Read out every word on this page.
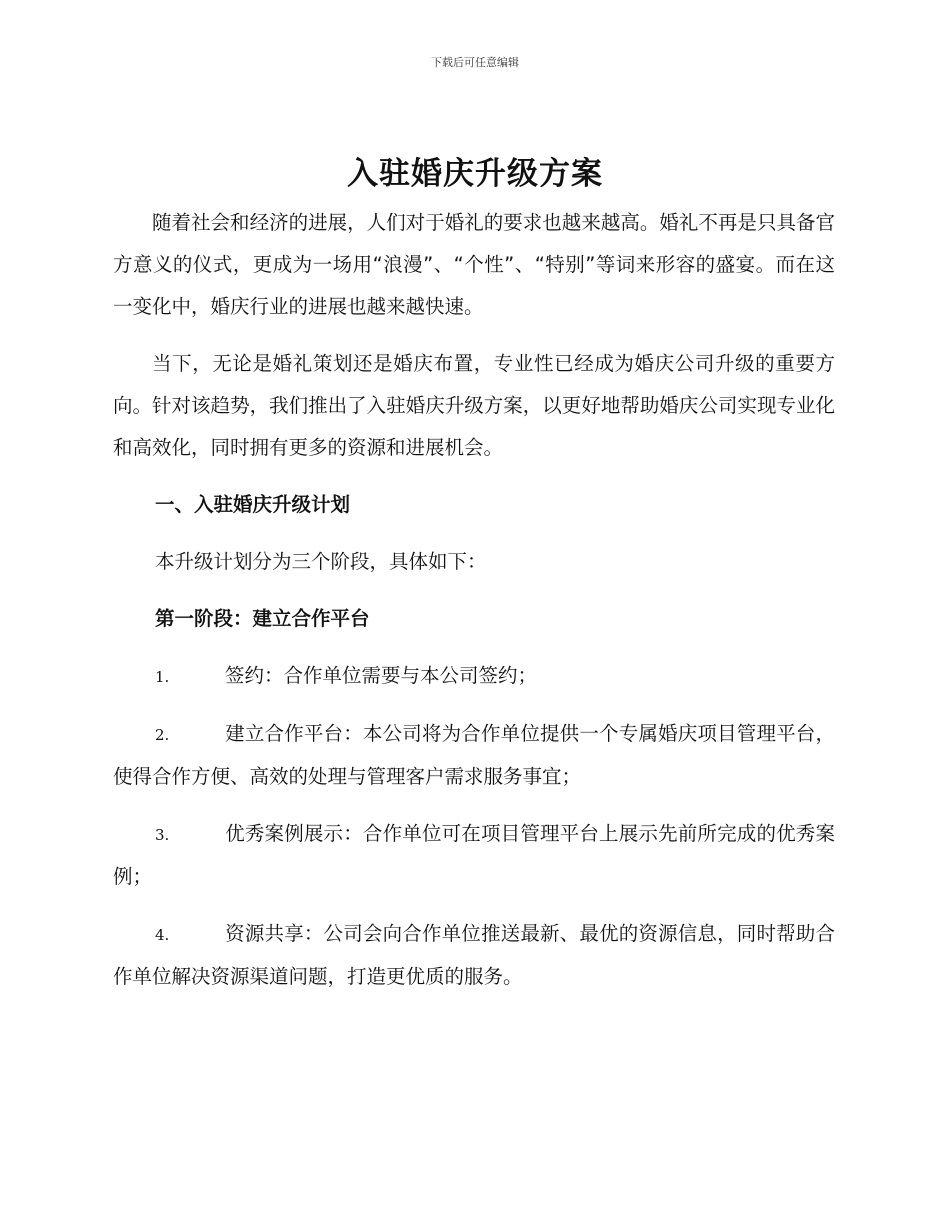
下载后可任意编辑
入驻婚庆升级方案

随着社会和经济的进展，人们对于婚礼的要求也越来越高。婚礼不再是只具备官方意义的仪式，更成为一场用“浪漫”、“个性”、“特别”等词来形容的盛宴。而在这一变化中，婚庆行业的进展也越来越快速。

当下，无论是婚礼策划还是婚庆布置，专业性已经成为婚庆公司升级的重要方向。针对该趋势，我们推出了入驻婚庆升级方案，以更好地帮助婚庆公司实现专业化和高效化，同时拥有更多的资源和进展机会。

一、入驻婚庆升级计划

本升级计划分为三个阶段，具体如下：

第一阶段：建立合作平台

1.	签约：合作单位需要与本公司签约；

2.	建立合作平台：本公司将为合作单位提供一个专属婚庆项目管理平台，使得合作方便、高效的处理与管理客户需求服务事宜；

3.	优秀案例展示：合作单位可在项目管理平台上展示先前所完成的优秀案例；

4.	资源共享：公司会向合作单位推送最新、最优的资源信息，同时帮助合作单位解决资源渠道问题，打造更优质的服务。
